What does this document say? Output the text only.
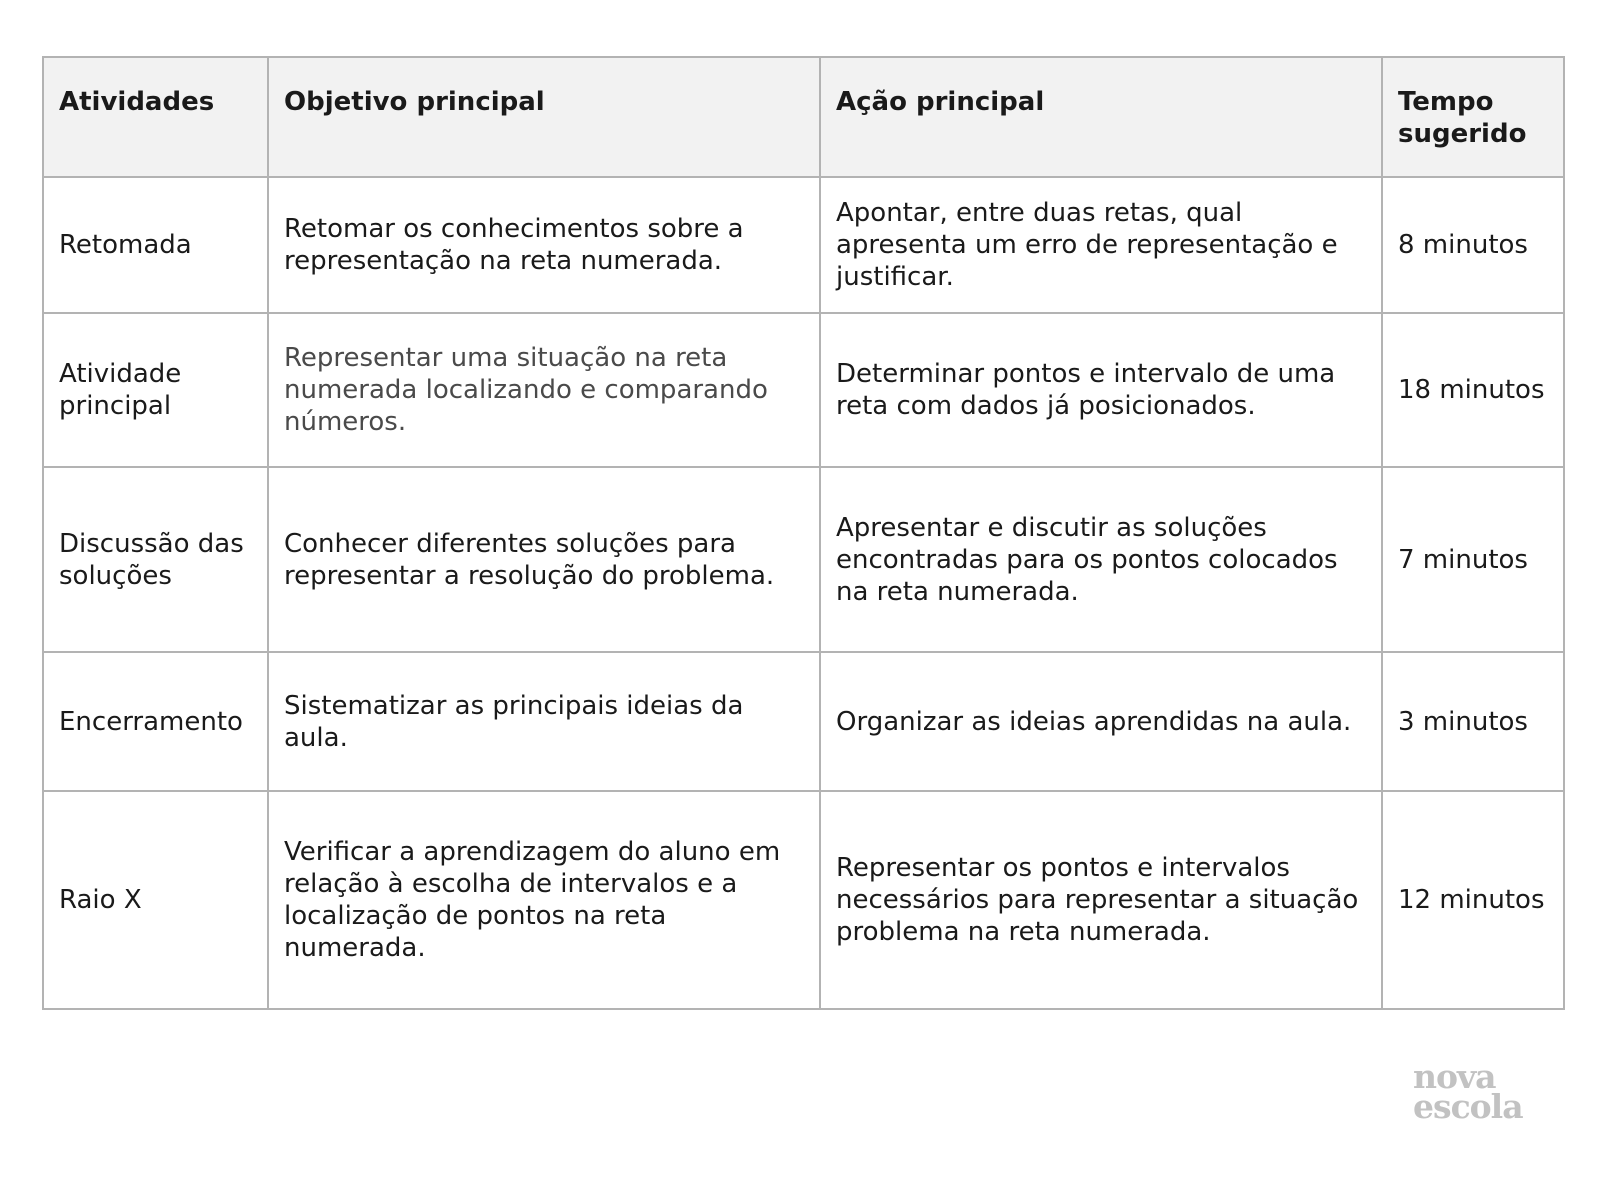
Atividades	Objetivo principal	Ação principal	Tempo sugerido
Retomada	Retomar os conhecimentos sobre a representação na reta numerada.	Apontar, entre duas retas, qual apresenta um erro de representação e justificar.	8 minutos
Atividade principal	Representar uma situação na reta numerada localizando e comparando números.	Determinar pontos e intervalo de uma reta com dados já posicionados.	18 minutos
Discussão das soluções	Conhecer diferentes soluções para representar a resolução do problema.	Apresentar e discutir as soluções encontradas para os pontos colocados na reta numerada.	7 minutos
Encerramento	Sistematizar as principais ideias da aula.	Organizar as ideias aprendidas na aula.	3 minutos
Raio X	Verificar a aprendizagem do aluno em relação à escolha de intervalos e a localização de pontos na reta numerada.	Representar os pontos e intervalos necessários para representar a situação problema na reta numerada.	12 minutos
nova
escola
